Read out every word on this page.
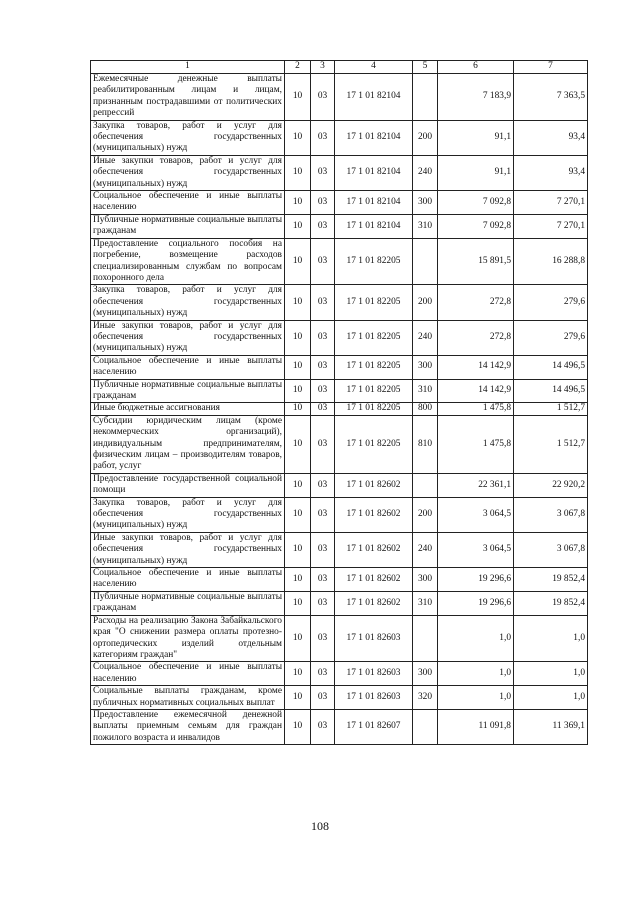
1	2	3	4	5	6	7
Ежемесячные денежные выплаты реабилитированным лицам и лицам, признанным пострадавшими от политических репрессий	10	03	17 1 01 82104		7 183,9	7 363,5
Закупка товаров, работ и услуг для обеспечения государственных (муниципальных) нужд	10	03	17 1 01 82104	200	91,1	93,4
Иные закупки товаров, работ и услуг для обеспечения государственных (муниципальных) нужд	10	03	17 1 01 82104	240	91,1	93,4
Социальное обеспечение и иные выплаты населению	10	03	17 1 01 82104	300	7 092,8	7 270,1
Публичные нормативные социальные выплаты гражданам	10	03	17 1 01 82104	310	7 092,8	7 270,1
Предоставление социального пособия на погребение, возмещение расходов специализированным службам по вопросам похоронного дела	10	03	17 1 01 82205		15 891,5	16 288,8
Закупка товаров, работ и услуг для обеспечения государственных (муниципальных) нужд	10	03	17 1 01 82205	200	272,8	279,6
Иные закупки товаров, работ и услуг для обеспечения государственных (муниципальных) нужд	10	03	17 1 01 82205	240	272,8	279,6
Социальное обеспечение и иные выплаты населению	10	03	17 1 01 82205	300	14 142,9	14 496,5
Публичные нормативные социальные выплаты гражданам	10	03	17 1 01 82205	310	14 142,9	14 496,5
Иные бюджетные ассигнования	10	03	17 1 01 82205	800	1 475,8	1 512,7
Субсидии юридическим лицам (кроме некоммерческих организаций), индивидуальным предпринимателям, физическим лицам – производителям товаров, работ, услуг	10	03	17 1 01 82205	810	1 475,8	1 512,7
Предоставление государственной социальной помощи	10	03	17 1 01 82602		22 361,1	22 920,2
Закупка товаров, работ и услуг для обеспечения государственных (муниципальных) нужд	10	03	17 1 01 82602	200	3 064,5	3 067,8
Иные закупки товаров, работ и услуг для обеспечения государственных (муниципальных) нужд	10	03	17 1 01 82602	240	3 064,5	3 067,8
Социальное обеспечение и иные выплаты населению	10	03	17 1 01 82602	300	19 296,6	19 852,4
Публичные нормативные социальные выплаты гражданам	10	03	17 1 01 82602	310	19 296,6	19 852,4
Расходы на реализацию Закона Забайкальского края "О снижении размера оплаты протезно-ортопедических изделий отдельным категориям граждан"	10	03	17 1 01 82603		1,0	1,0
Социальное обеспечение и иные выплаты населению	10	03	17 1 01 82603	300	1,0	1,0
Социальные выплаты гражданам, кроме публичных нормативных социальных выплат	10	03	17 1 01 82603	320	1,0	1,0
Предоставление ежемесячной денежной выплаты приемным семьям для граждан пожилого возраста и инвалидов	10	03	17 1 01 82607		11 091,8	11 369,1
108
